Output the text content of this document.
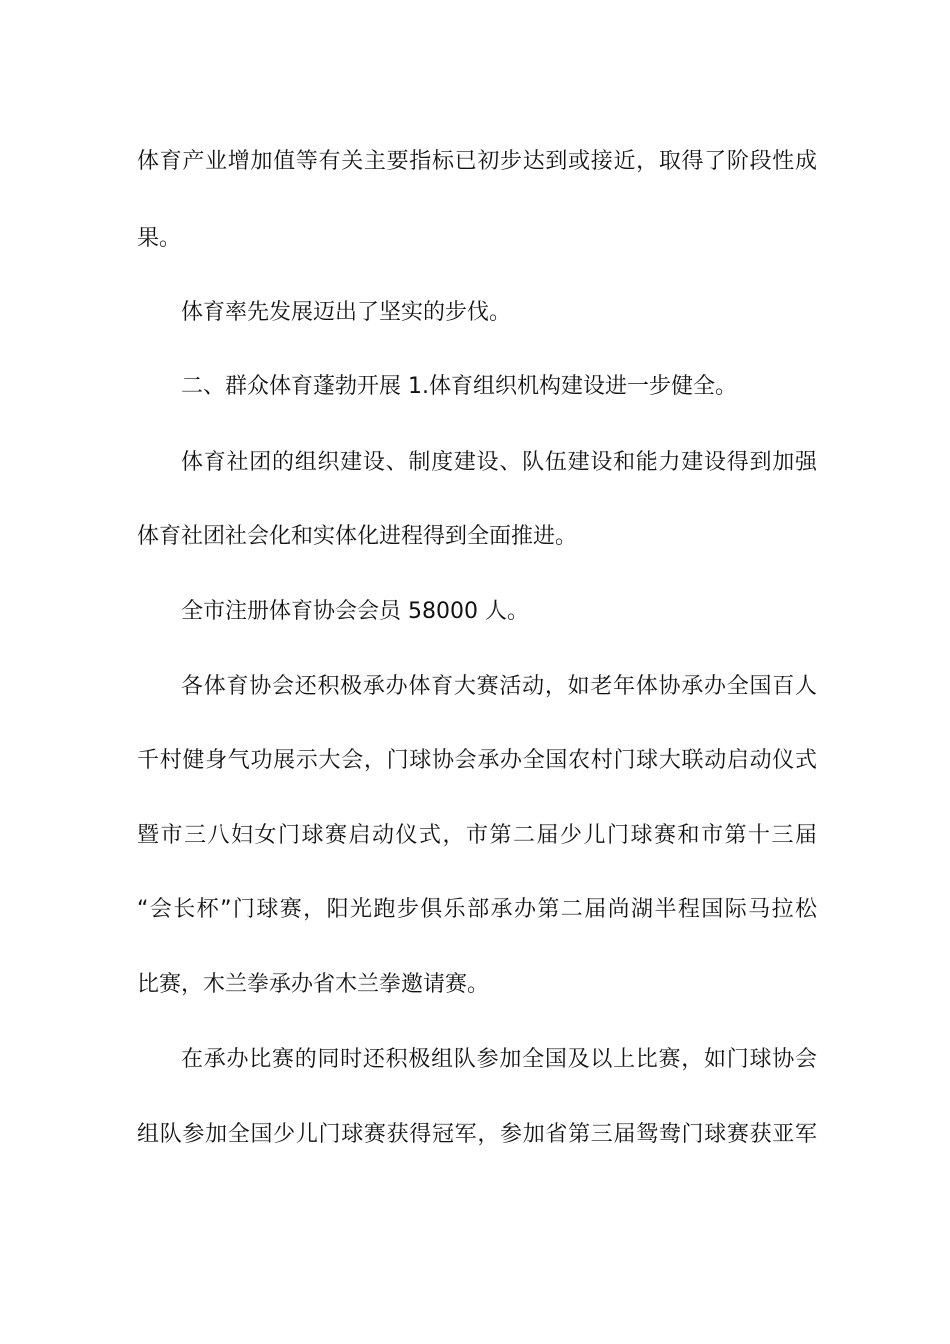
体育产业增加值等有关主要指标已初步达到或接近，取得了阶段性成
果。
体育率先发展迈出了坚实的步伐。
二、群众体育蓬勃开展 1.体育组织机构建设进一步健全。
体育社团的组织建设、制度建设、队伍建设和能力建设得到加强
体育社团社会化和实体化进程得到全面推进。
全市注册体育协会会员 58000 人。
各体育协会还积极承办体育大赛活动，如老年体协承办全国百人
千村健身气功展示大会，门球协会承办全国农村门球大联动启动仪式
暨市三八妇女门球赛启动仪式，市第二届少儿门球赛和市第十三届
“会长杯”门球赛，阳光跑步俱乐部承办第二届尚湖半程国际马拉松
比赛，木兰拳承办省木兰拳邀请赛。
在承办比赛的同时还积极组队参加全国及以上比赛，如门球协会
组队参加全国少儿门球赛获得冠军，参加省第三届鸳鸯门球赛获亚军
